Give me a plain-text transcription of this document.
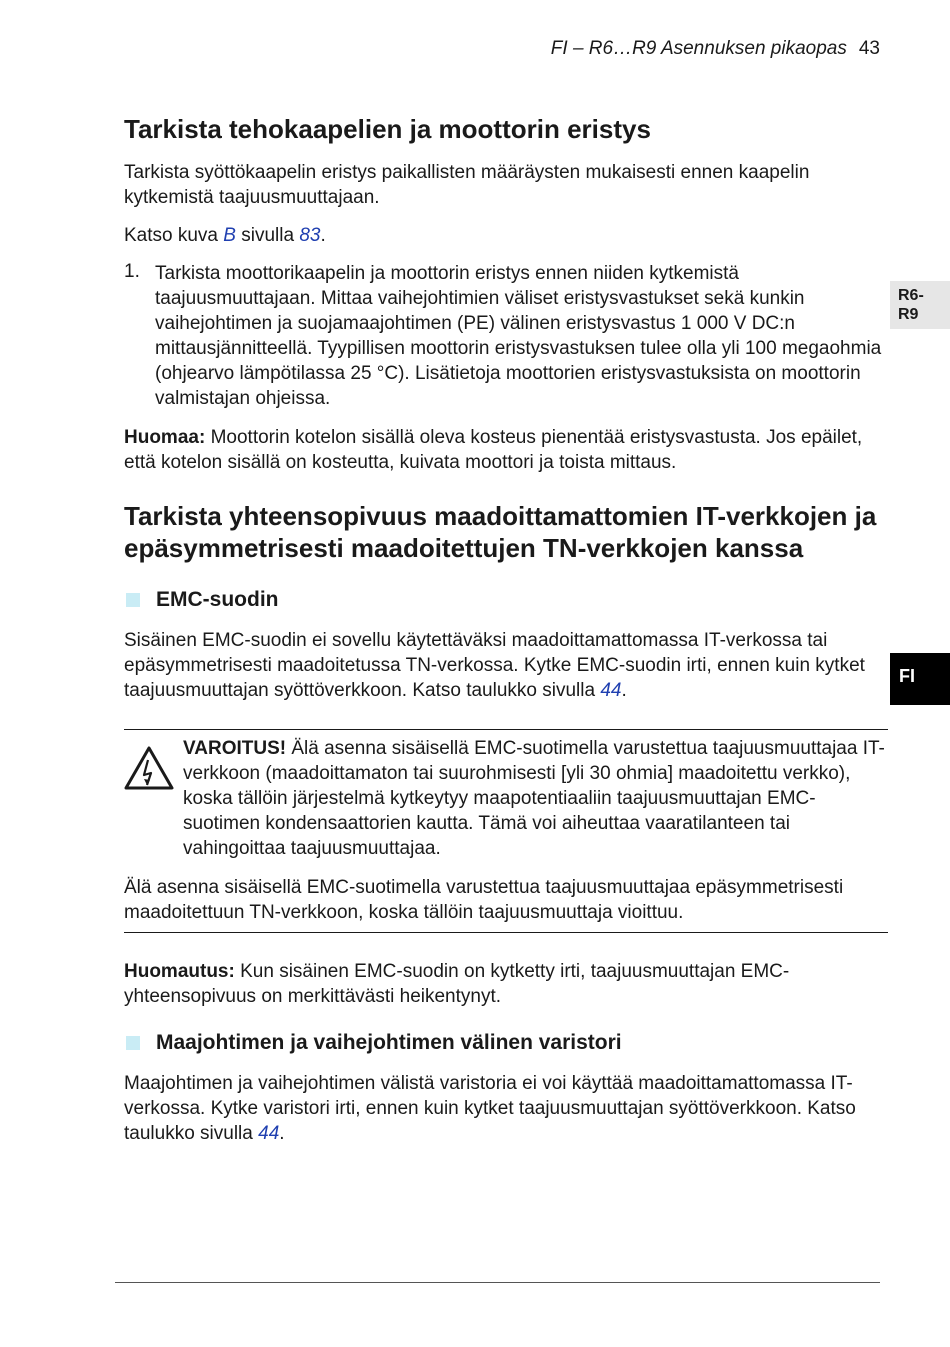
FI – R6…R9 Asennuksen pikaopas 43
R6-
R9
FI
Tarkista tehokaapelien ja moottorin eristys

Tarkista syöttökaapelin eristys paikallisten määräysten mukaisesti ennen kaapelin kytkemistä taajuusmuuttajaan.

Katso kuva B sivulla 83.

1. Tarkista moottorikaapelin ja moottorin eristys ennen niiden kytkemistä taajuusmuuttajaan. Mittaa vaihejohtimien väliset eristysvastukset sekä kunkin vaihejohtimen ja suojamaajohtimen (PE) välinen eristysvastus 1 000 V DC:n mittausjännitteellä. Tyypillisen moottorin eristysvastuksen tulee olla yli 100 megaohmia (ohjearvo lämpötilassa 25 °C). Lisätietoja moottorien eristysvastuksista on moottorin valmistajan ohjeissa.

Huomaa: Moottorin kotelon sisällä oleva kosteus pienentää eristysvastusta. Jos epäilet, että kotelon sisällä on kosteutta, kuivata moottori ja toista mittaus.

Tarkista yhteensopivuus maadoittamattomien IT-verkkojen ja epäsymmetrisesti maadoitettujen TN-verkkojen kanssa
EMC-suodin

Sisäinen EMC-suodin ei sovellu käytettäväksi maadoittamattomassa IT-verkossa tai epäsymmetrisesti maadoitetussa TN-verkossa. Kytke EMC-suodin irti, ennen kuin kytket taajuusmuuttajan syöttöverkkoon. Katso taulukko sivulla 44.

VAROITUS! Älä asenna sisäisellä EMC-suotimella varustettua taajuusmuuttajaa IT-verkkoon (maadoittamaton tai suurohmisesti [yli 30 ohmia] maadoitettu verkko), koska tällöin järjestelmä kytkeytyy maapotentiaaliin taajuusmuuttajan EMC-suotimen kondensaattorien kautta. Tämä voi aiheuttaa vaaratilanteen tai vahingoittaa taajuusmuuttajaa.

Älä asenna sisäisellä EMC-suotimella varustettua taajuusmuuttajaa epäsymmetrisesti maadoitettuun TN-verkkoon, koska tällöin taajuusmuuttaja vioittuu.

Huomautus: Kun sisäinen EMC-suodin on kytketty irti, taajuusmuuttajan EMC-yhteensopivuus on merkittävästi heikentynyt.

Maajohtimen ja vaihejohtimen välinen varistori

Maajohtimen ja vaihejohtimen välistä varistoria ei voi käyttää maadoittamattomassa IT-verkossa. Kytke varistori irti, ennen kuin kytket taajuusmuuttajan syöttöverkkoon. Katso taulukko sivulla 44.
